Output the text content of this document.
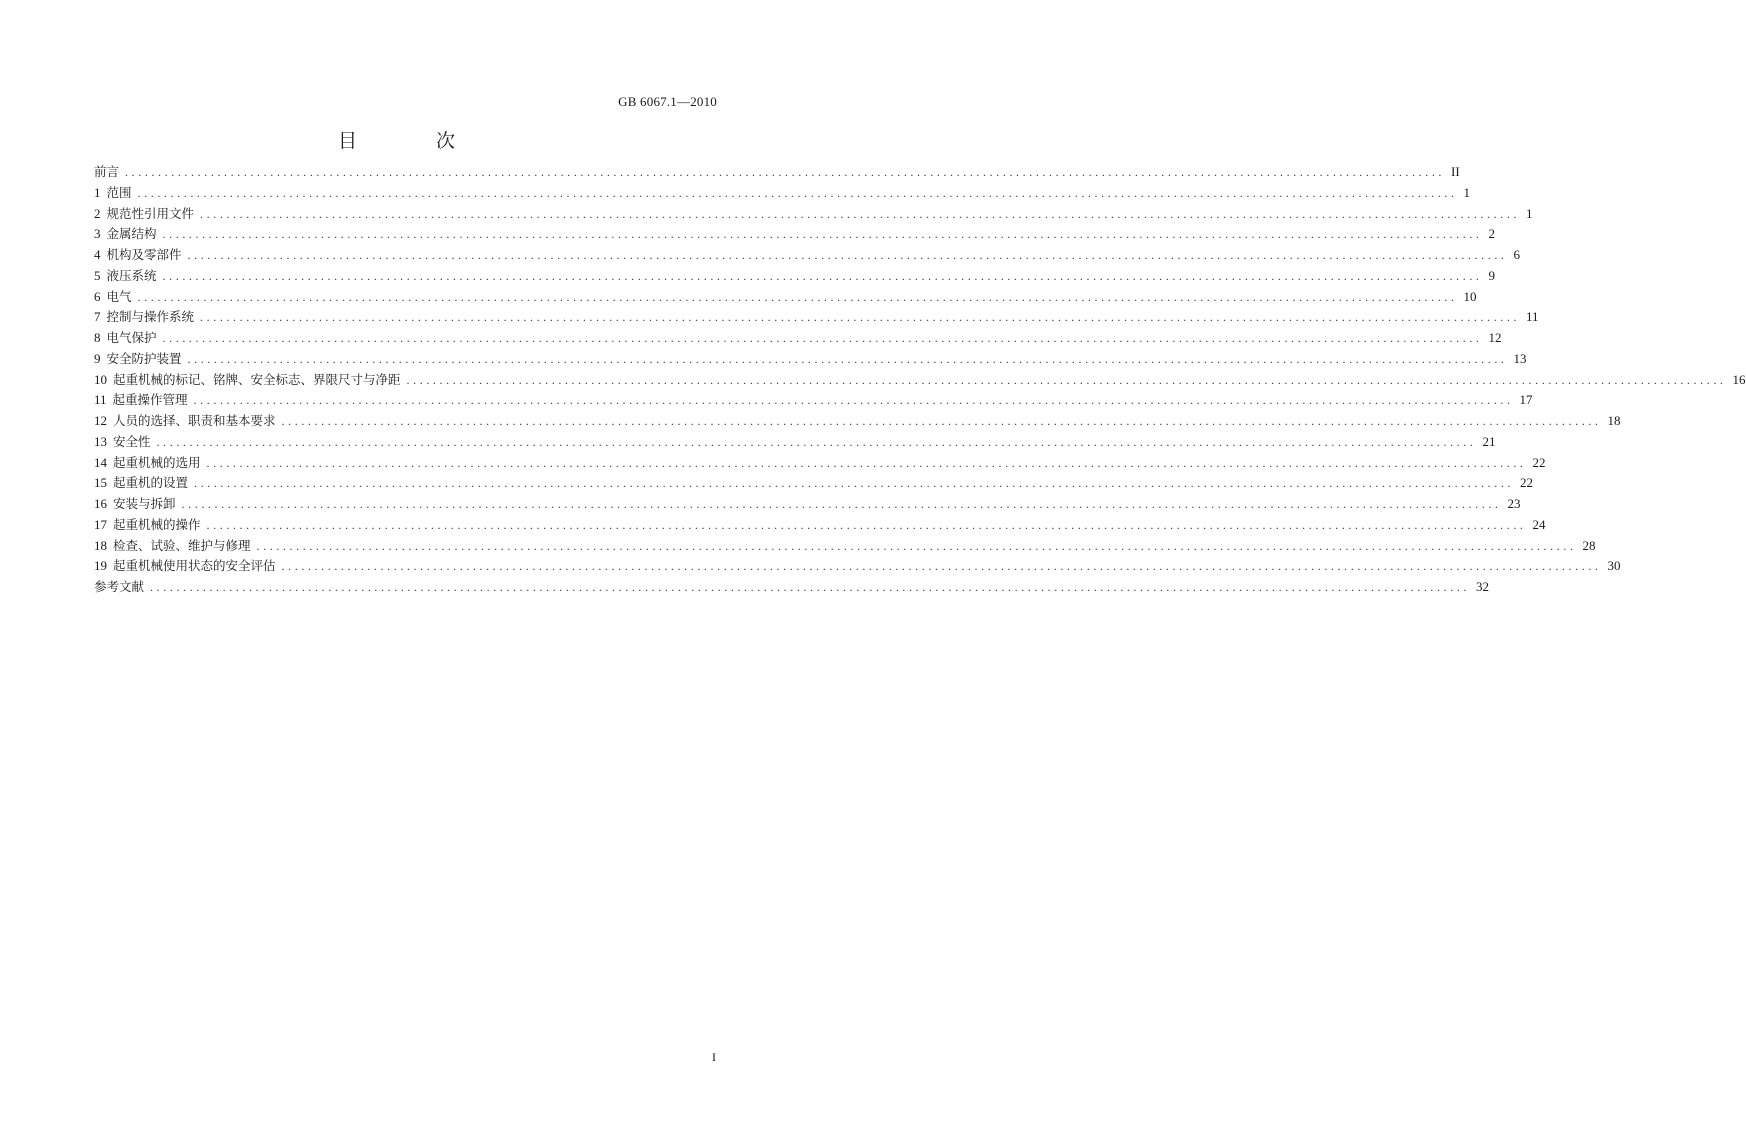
GB 6067.1—2010
目　次
前言 ........................................................................................................................................................................................................ II
1 范围 ........................................................................................................................................................................................................ 1
2 规范性引用文件 ........................................................................................................................................................................................................ 1
3 金属结构 ........................................................................................................................................................................................................ 2
4 机构及零部件 ........................................................................................................................................................................................................ 6
5 液压系统 ........................................................................................................................................................................................................ 9
6 电气 ........................................................................................................................................................................................................ 10
7 控制与操作系统 ........................................................................................................................................................................................................ 11
8 电气保护 ........................................................................................................................................................................................................ 12
9 安全防护装置 ........................................................................................................................................................................................................ 13
10 起重机械的标记、铭牌、安全标志、界限尺寸与净距 ........................................................................................................................................................................................................ 16
11 起重操作管理 ........................................................................................................................................................................................................ 17
12 人员的选择、职责和基本要求 ........................................................................................................................................................................................................ 18
13 安全性 ........................................................................................................................................................................................................ 21
14 起重机械的选用 ........................................................................................................................................................................................................ 22
15 起重机的设置 ........................................................................................................................................................................................................ 22
16 安装与拆卸 ........................................................................................................................................................................................................ 23
17 起重机械的操作 ........................................................................................................................................................................................................ 24
18 检查、试验、维护与修理 ........................................................................................................................................................................................................ 28
19 起重机械使用状态的安全评估 ........................................................................................................................................................................................................ 30
参考文献 ........................................................................................................................................................................................................ 32
I
